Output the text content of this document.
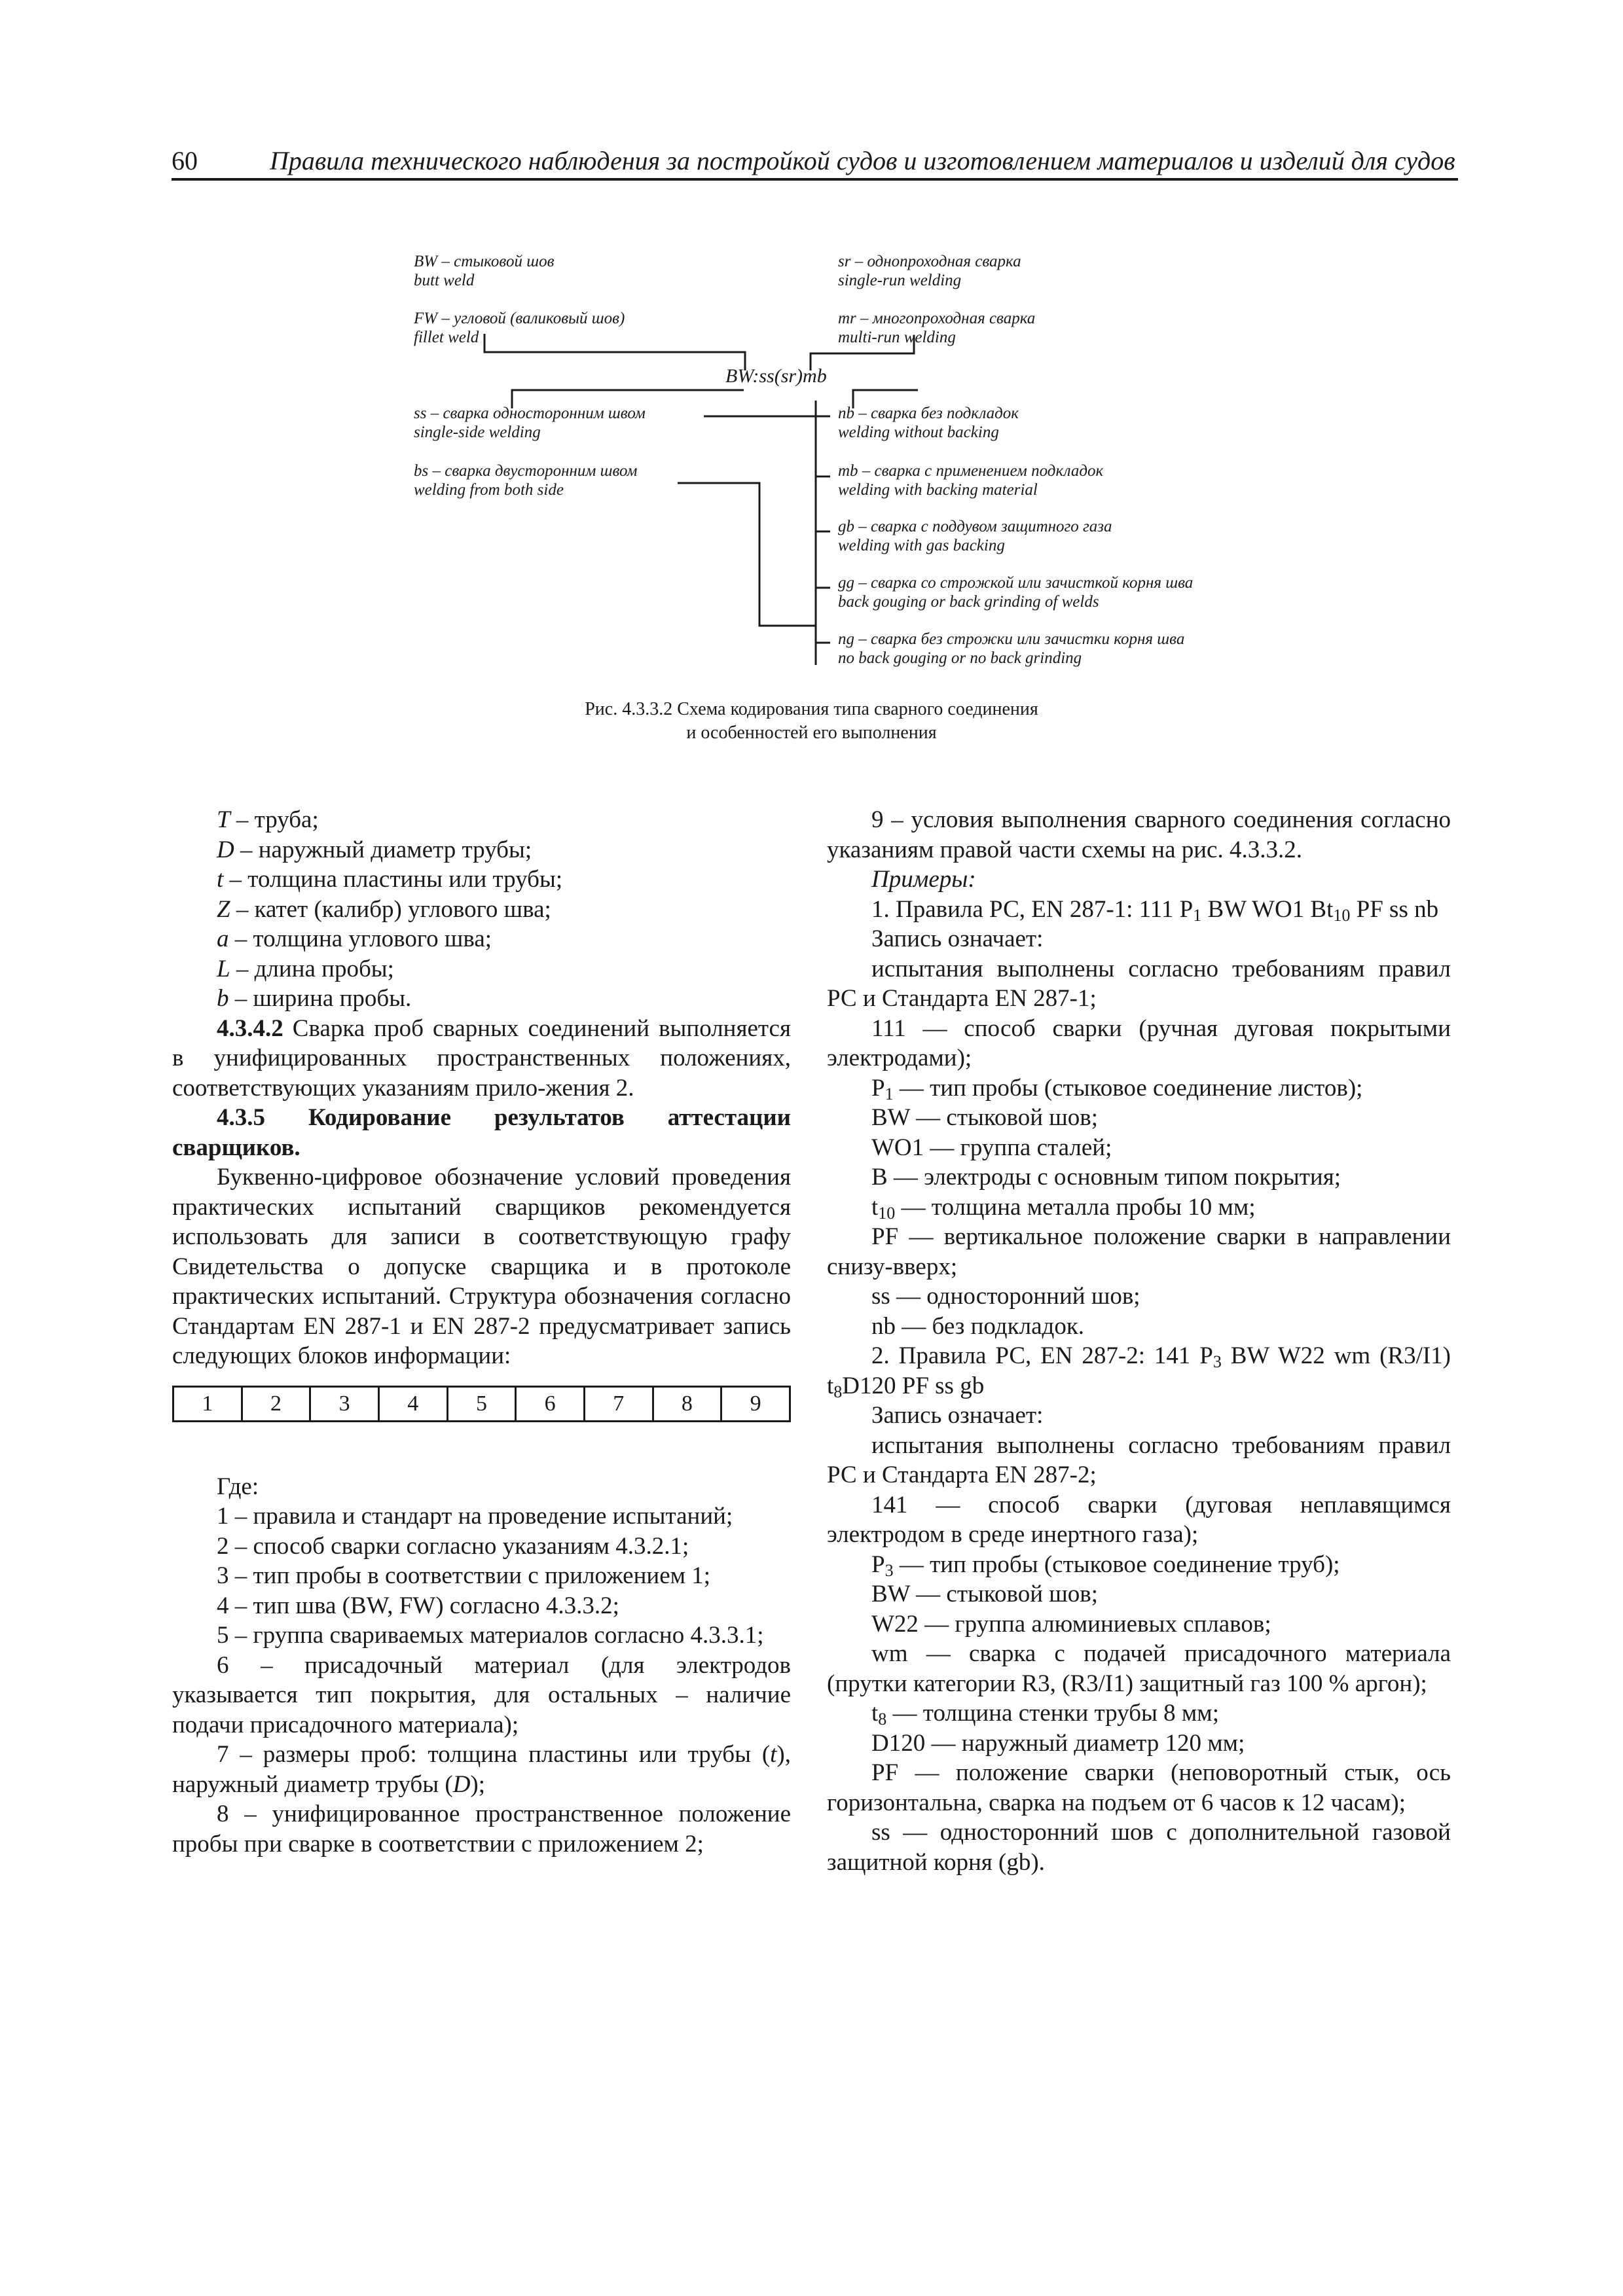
60	Правила технического наблюдения за постройкой судов и изготовлением материалов и изделий для судов
BW – стыковой шов
butt weld
FW – угловой (валиковый шов)
fillet weld
ss – сварка односторонним швом
single-side welding
bs – сварка двусторонним швом
welding from both side
BW:ss(sr)mb
sr – однопроходная сварка
single-run welding
mr – многопроходная сварка
multi-run welding
nb – сварка без подкладок
welding without backing
mb – сварка с применением подкладок
welding with backing material
gb – сварка с поддувом защитного газа
welding with gas backing
gg – сварка со строжкой или зачисткой корня шва
back gouging or back grinding of welds
ng – сварка без строжки или зачистки корня шва
no back gouging or no back grinding
Рис. 4.3.3.2 Схема кодирования типа сварного соединения
и особенностей его выполнения

T – труба;

D – наружный диаметр трубы;

t – толщина пластины или трубы;

Z – катет (калибр) углового шва;

a – толщина углового шва;

L – длина пробы;

b – ширина пробы.

4.3.4.2 Сварка проб сварных соединений выполняется в унифицированных пространственных положениях, соответствующих указаниям прило-жения 2.

4.3.5 Кодирование результатов аттестации сварщиков.

Буквенно-цифровое обозначение условий проведения практических испытаний сварщиков рекомендуется использовать для записи в соответствующую графу Свидетельства о допуске сварщика и в протоколе практических испытаний. Структура обозначения согласно Стандартам EN 287-1 и EN 287-2 предусматривает запись следующих блоков информации:

1	2	3	4	5	6	7	8	9

Где:

1 – правила и стандарт на проведение испытаний;

2 – способ сварки согласно указаниям 4.3.2.1;

3 – тип пробы в соответствии с приложением 1;

4 – тип шва (BW, FW) согласно 4.3.3.2;

5 – группа свариваемых материалов согласно 4.3.3.1;

6 – присадочный материал (для электродов указывается тип покрытия, для остальных – наличие подачи присадочного материала);

7 – размеры проб: толщина пластины или трубы (t), наружный диаметр трубы (D);

8 – унифицированное пространственное положение пробы при сварке в соответствии с приложением 2;

9 – условия выполнения сварного соединения согласно указаниям правой части схемы на рис. 4.3.3.2.

Примеры:

1. Правила РС, EN 287-1: 111 $P_1$ BW WO1 $Bt_{10}$ PF ss nb

Запись означает:

испытания выполнены согласно требованиям правил РС и Стандарта EN 287-1;

111 — способ сварки (ручная дуговая покрытыми электродами);

$P_1$ — тип пробы (стыковое соединение листов);

BW — стыковой шов;

WO1 — группа сталей;

B — электроды с основным типом покрытия;

$t_{10}$ — толщина металла пробы 10 мм;

PF — вертикальное положение сварки в направлении снизу-вверх;

ss — односторонний шов;

nb — без подкладок.

2. Правила РС, EN 287-2: 141 $P_3$ BW W22 wm (R3/I1) $t_8D120$ PF ss gb

Запись означает:

испытания выполнены согласно требованиям правил РС и Стандарта EN 287-2;

141 — способ сварки (дуговая неплавящимся электродом в среде инертного газа);

$P_3$ — тип пробы (стыковое соединение труб);

BW — стыковой шов;

W22 — группа алюминиевых сплавов;

wm — сварка с подачей присадочного материала (прутки категории R3, (R3/I1) защитный газ 100 % аргон);

$t_8$ — толщина стенки трубы 8 мм;

D120 — наружный диаметр 120 мм;

PF — положение сварки (неповоротный стык, ось горизонтальна, сварка на подъем от 6 часов к 12 часам);

ss — односторонний шов с дополнительной газовой защитной корня (gb).
